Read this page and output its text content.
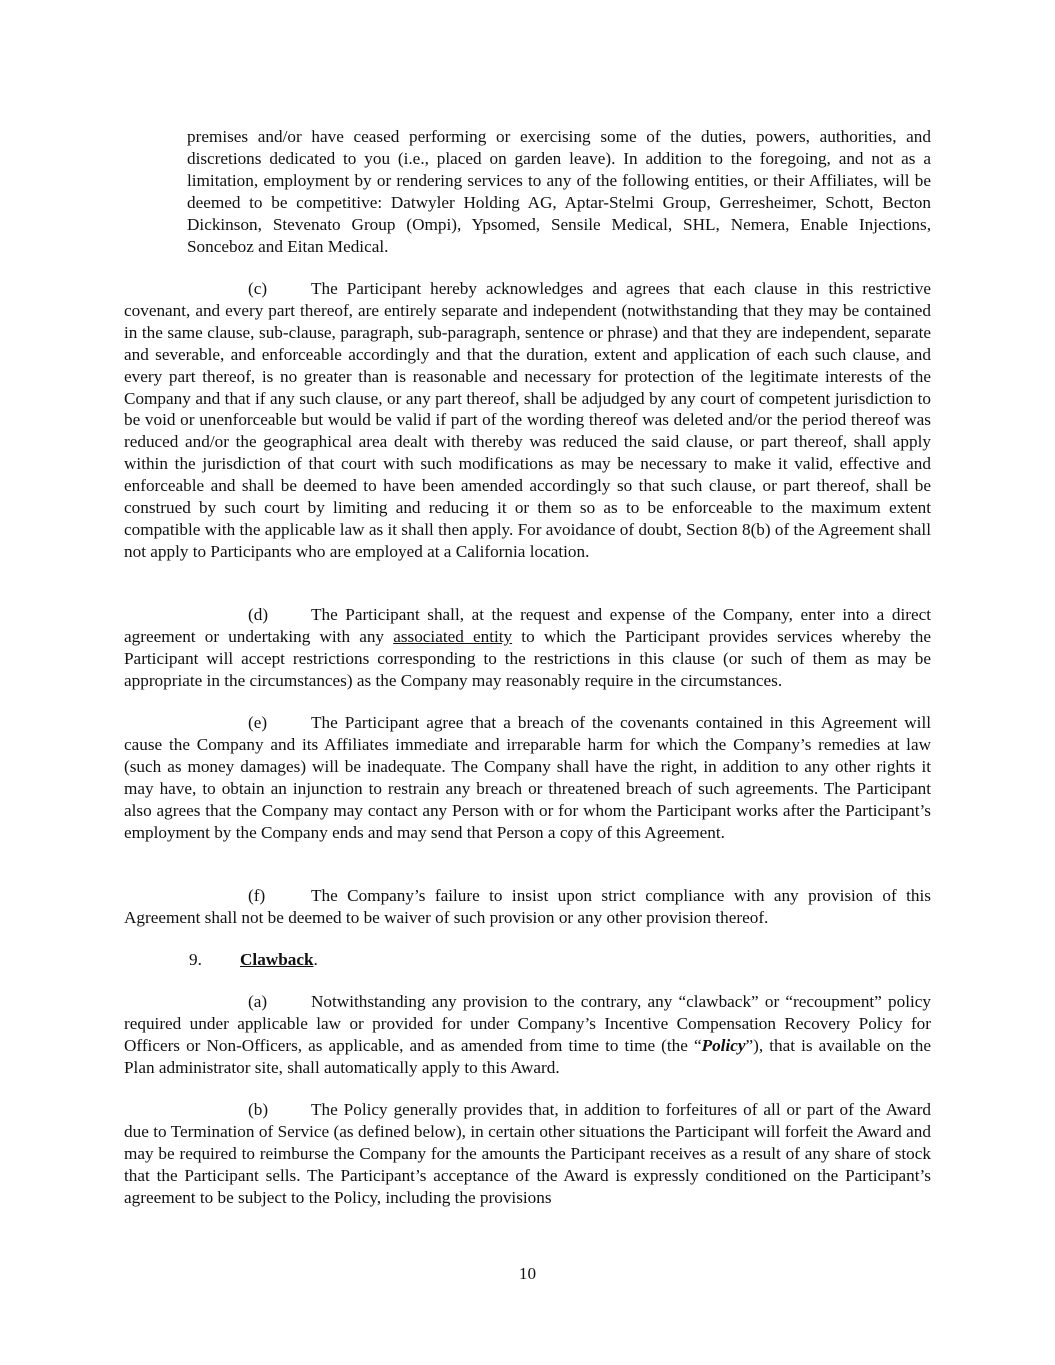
premises and/or have ceased performing or exercising some of the duties, powers, authorities, and discretions dedicated to you (i.e., placed on garden leave). In addition to the foregoing, and not as a limitation, employment by or rendering services to any of the following entities, or their Affiliates, will be deemed to be competitive: Datwyler Holding AG, Aptar-Stelmi Group, Gerresheimer, Schott, Becton Dickinson, Stevenato Group (Ompi), Ypsomed, Sensile Medical, SHL, Nemera, Enable Injections, Sonceboz and Eitan Medical.

(c)	The Participant hereby acknowledges and agrees that each clause in this restrictive covenant, and every part thereof, are entirely separate and independent (notwithstanding that they may be contained in the same clause, sub-clause, paragraph, sub-paragraph, sentence or phrase) and that they are independent, separate and severable, and enforceable accordingly and that the duration, extent and application of each such clause, and every part thereof, is no greater than is reasonable and necessary for protection of the legitimate interests of the Company and that if any such clause, or any part thereof, shall be adjudged by any court of competent jurisdiction to be void or unenforceable but would be valid if part of the wording thereof was deleted and/or the period thereof was reduced and/or the geographical area dealt with thereby was reduced the said clause, or part thereof, shall apply within the jurisdiction of that court with such modifications as may be necessary to make it valid, effective and enforceable and shall be deemed to have been amended accordingly so that such clause, or part thereof, shall be construed by such court by limiting and reducing it or them so as to be enforceable to the maximum extent compatible with the applicable law as it shall then apply. For avoidance of doubt, Section 8(b) of the Agreement shall not apply to Participants who are employed at a California location.

(d) The Participant shall, at the request and expense of the Company, enter into a direct agreement or undertaking with any associated entity to which the Participant provides services whereby the Participant will accept restrictions corresponding to the restrictions in this clause (or such of them as may be appropriate in the circumstances) as the Company may reasonably require in the circumstances.

(e)	The Participant agree that a breach of the covenants contained in this Agreement will cause the Company and its Affiliates immediate and irreparable harm for which the Company’s remedies at law (such as money damages) will be inadequate. The Company shall have the right, in addition to any other rights it may have, to obtain an injunction to restrain any breach or threatened breach of such agreements. The Participant also agrees that the Company may contact any Person with or for whom the Participant works after the Participant’s employment by the Company ends and may send that Person a copy of this Agreement.

(f)	The Company’s failure to insist upon strict compliance with any provision of this Agreement shall not be deemed to be waiver of such provision or any other provision thereof.

9. Clawback.

(a)	Notwithstanding any provision to the contrary, any “clawback” or “recoupment” policy required under applicable law or provided for under Company’s Incentive Compensation Recovery Policy for Officers or Non-Officers, as applicable, and as amended from time to time (the “Policy”), that is available on the Plan administrator site, shall automatically apply to this Award.

(b) The Policy generally provides that, in addition to forfeitures of all or part of the Award due to Termination of Service (as defined below), in certain other situations the Participant will forfeit the Award and may be required to reimburse the Company for the amounts the Participant receives as a result of any share of stock that the Participant sells. The Participant’s acceptance of the Award is expressly conditioned on the Participant’s agreement to be subject to the Policy, including the provisions

10
